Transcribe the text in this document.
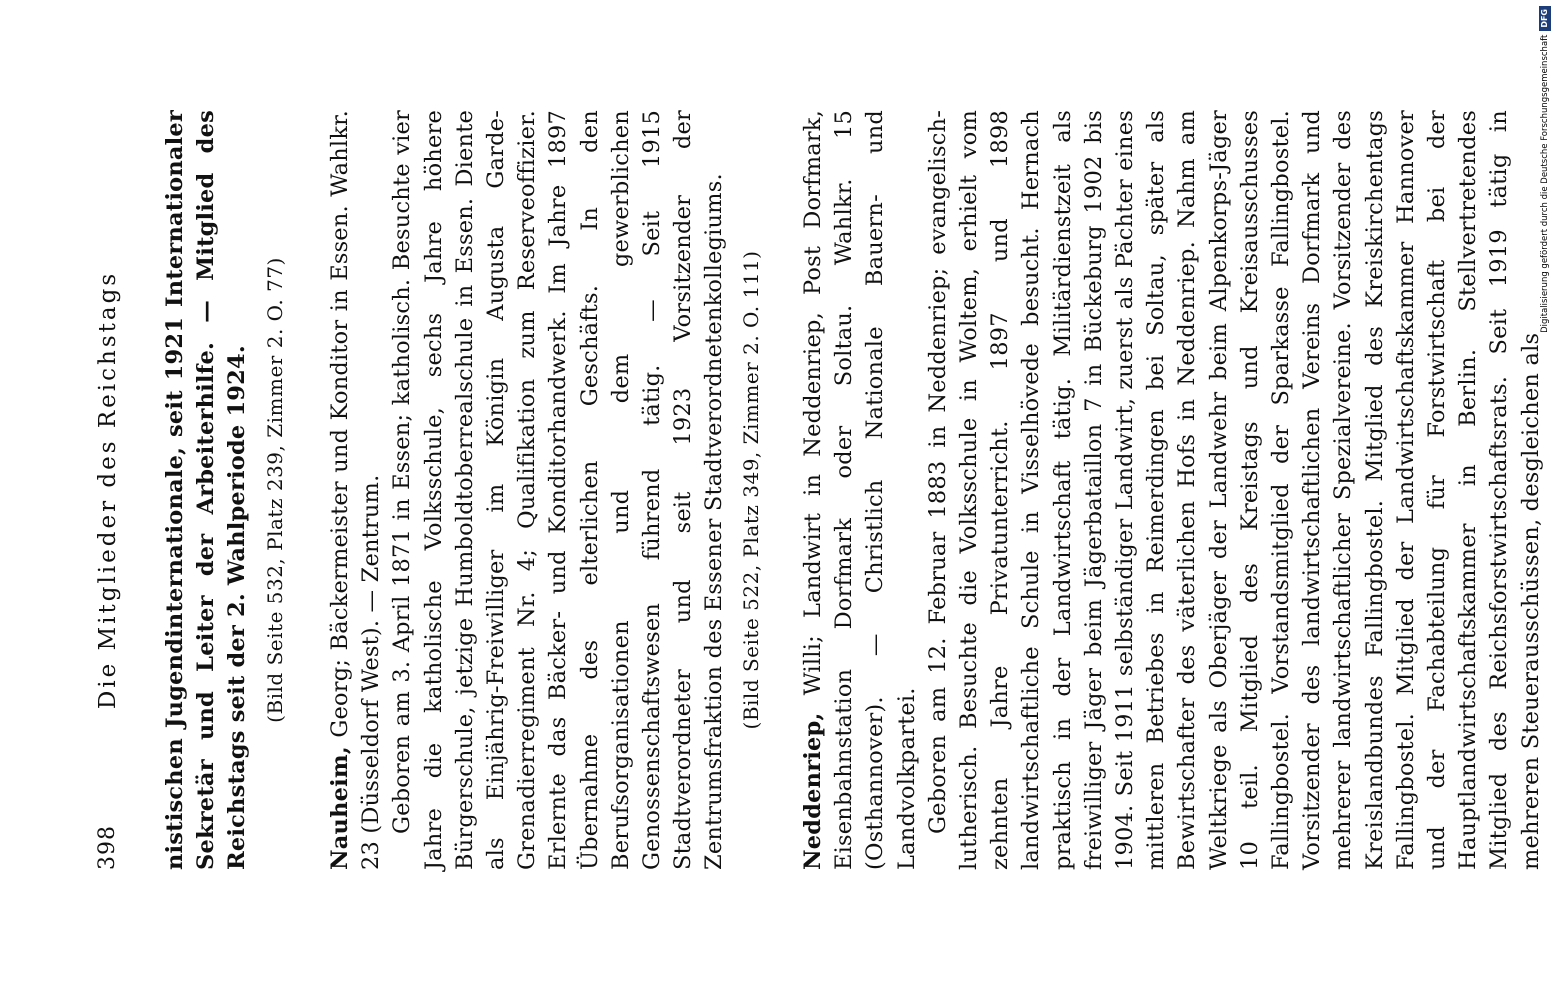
398
Die Mitglieder des Reichstags nistischen Jugendinternationale, seit 1921 Internationaler Sekretär und Leiter der Arbeiterhilfe. — Mitglied des Reichstags seit der 2. Wahlperiode 1924. (Bild Seite 532, Platz 239, Zimmer 2. O. 77)

Nauheim, Georg; Bäckermeister und Konditor in Essen. Wahlkr. 23 (Düsseldorf West). — Zentrum. Geboren am 3. April 1871 in Essen; katholisch. Besuchte vier Jahre die katholische Volksschule, sechs Jahre höhere Bürgerschule, jetzige Humboldtoberrealschule in Essen. Diente als Einjährig-Freiwilliger im Königin Augusta Garde-Grenadierregiment Nr. 4; Qualifikation zum Reserveoffizier. Erlernte das Bäcker- und Konditorhandwerk. Im Jahre 1897 Übernahme des elterlichen Geschäfts. In den Berufsorganisationen und dem gewerblichen Genossenschaftswesen führend tätig. — Seit 1915 Stadtverordneter und seit 1923 Vorsitzender der Zentrumsfraktion des Essener Stadtverordnetenkollegiums. (Bild Seite 522, Platz 349, Zimmer 2. O. 111)

Neddenriep, Willi; Landwirt in Neddenriep, Post Dorfmark, Eisenbahnstation Dorfmark oder Soltau. Wahlkr. 15 (Osthannover). — Christlich Nationale Bauern- und Landvolkpartei. Geboren am 12. Februar 1883 in Neddenriep; evangelisch-lutherisch. Besuchte die Volksschule in Woltem, erhielt vom zehnten Jahre Privatunterricht. 1897 und 1898 landwirtschaftliche Schule in Visselhövede besucht. Hernach praktisch in der Landwirtschaft tätig. Militärdienstzeit als freiwilliger Jäger beim Jägerbataillon 7 in Bückeburg 1902 bis 1904. Seit 1911 selbständiger Landwirt, zuerst als Pächter eines mittleren Betriebes in Reimerdingen bei Soltau, später als Bewirtschafter des väterlichen Hofs in Neddenriep. Nahm am Weltkriege als Oberjäger der Landwehr beim Alpenkorps-Jäger 10 teil. Mitglied des Kreistags und Kreisausschusses Fallingbostel. Vorstandsmitglied der Sparkasse Fallingbostel. Vorsitzender des landwirtschaftlichen Vereins Dorfmark und mehrerer landwirtschaftlicher Spezialvereine. Vorsitzender des Kreislandbundes Fallingbostel. Mitglied des Kreiskirchentags Fallingbostel. Mitglied der Landwirtschaftskammer Hannover und der Fachabteilung für Forstwirtschaft bei der Hauptlandwirtschaftskammer in Berlin. Stellvertretendes Mitglied des Reichsforstwirtschaftsrats. Seit 1919 tätig in mehreren Steuerausschüssen, desgleichen als

Digitalisierung gefördert durch die Deutsche Forschungsgemeinschaft
DFG
